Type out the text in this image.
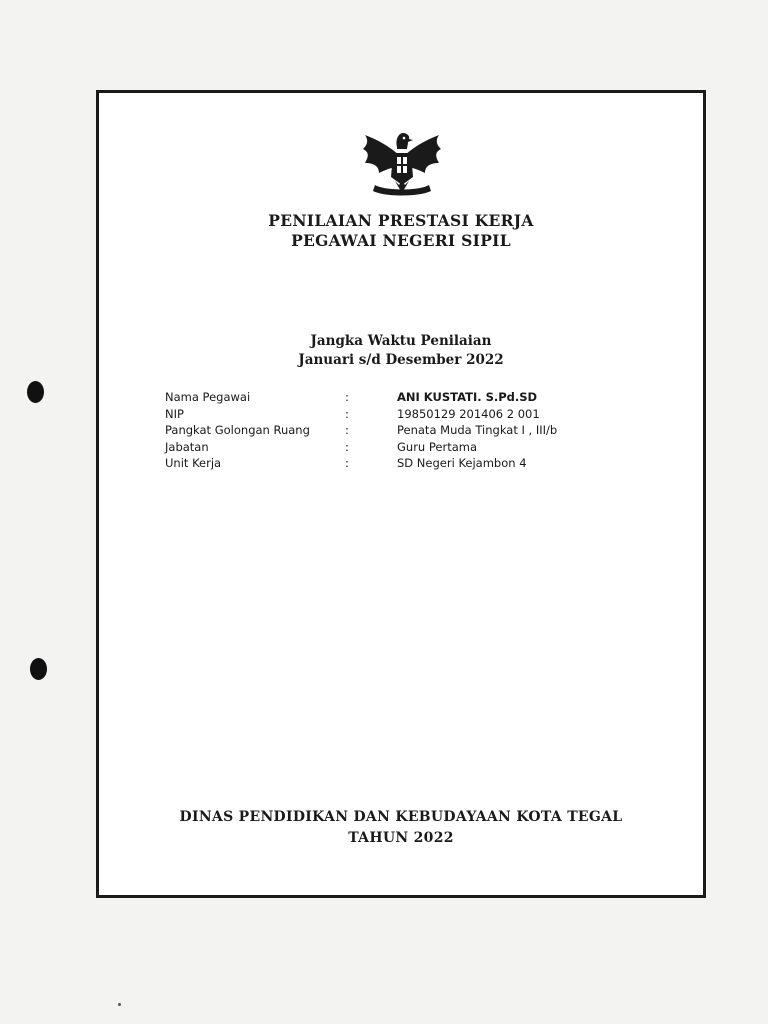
PENILAIAN PRESTASI KERJA
PEGAWAI NEGERI SIPIL
Jangka Waktu Penilaian
Januari s/d Desember 2022
Nama Pegawai	:	ANI KUSTATI. S.Pd.SD
NIP	:	19850129 201406 2 001
Pangkat Golongan Ruang	:	Penata Muda Tingkat I , III/b
Jabatan	:	Guru Pertama
Unit Kerja	:	SD Negeri Kejambon 4
DINAS PENDIDIKAN DAN KEBUDAYAAN KOTA TEGAL
TAHUN 2022
